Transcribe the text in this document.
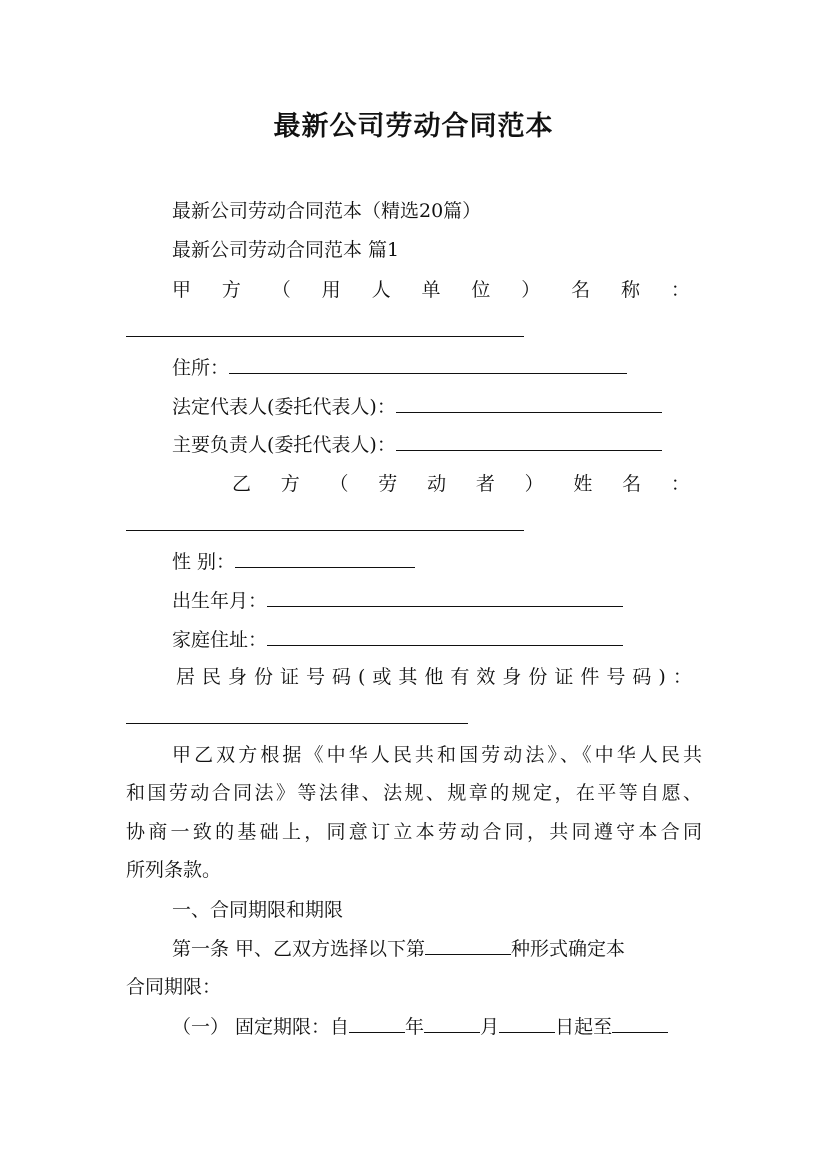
最新公司劳动合同范本
最新公司劳动合同范本（精选20篇）
最新公司劳动合同范本 篇1
甲 方 （ 用 人 单 位 ） 名 称 ：
住所：
法定代表人(委托代表人)：
主要负责人(委托代表人)：
乙 方 （ 劳 动 者 ） 姓 名 ：
性 别：
出生年月：
家庭住址：
居 民 身 份 证 号 码 ( 或 其 他 有 效 身 份 证 件 号 码 ) ：
甲乙双方根据《中华人民共和国劳动法》、《中华人民共
和国劳动合同法》等法律、法规、规章的规定，在平等自愿、
协商一致的基础上，同意订立本劳动合同，共同遵守本合同
所列条款。
一、合同期限和期限
第一条 甲、乙双方选择以下第	种形式确定本
合同期限：
（一） 固定期限：自	年	月	日起至
